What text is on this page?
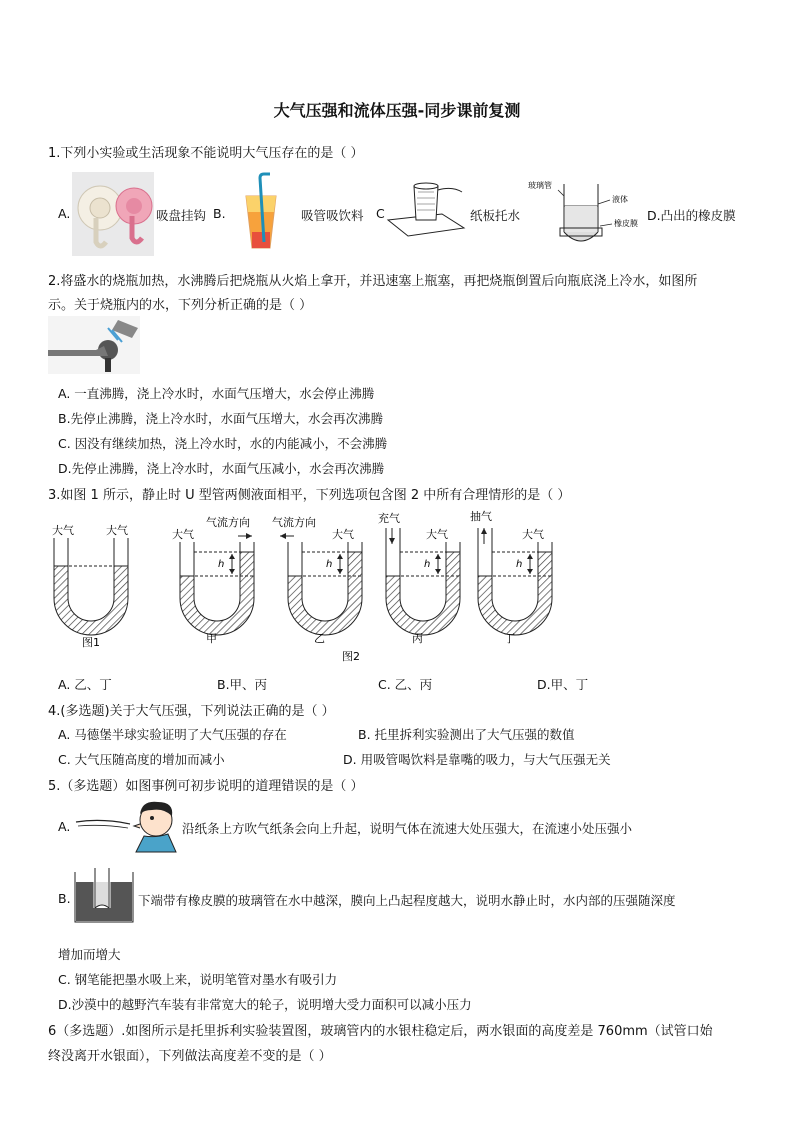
大气压强和流体压强-同步课前复测
1.下列小实验或生活现象不能说明大气压存在的是（ ）
A.	吸盘挂钩 B.	吸管吸饮料 C	纸板托水
玻璃管
液体
橡皮膜
D.凸出的橡皮膜
2.将盛水的烧瓶加热，水沸腾后把烧瓶从火焰上拿开，并迅速塞上瓶塞，再把烧瓶倒置后向瓶底浇上冷水，如图所
示。关于烧瓶内的水，下列分析正确的是（ ）
A. 一直沸腾，浇上冷水时，水面气压增大，水会停止沸腾
B.先停止沸腾，浇上冷水时，水面气压增大，水会再次沸腾
C. 因没有继续加热，浇上冷水时，水的内能减小，不会沸腾
D.先停止沸腾，浇上冷水时，水面气压减小，水会再次沸腾
3.如图 1 所示，静止时 U 型管两侧液面相平，下列选项包含图 2 中所有合理情形的是（ ）
大气	大气
图1
大气
气流方向
h
甲
气流方向
大气
h
乙
充气
大气
h
丙
抽气
大气
h
丁
图2
A. 乙、丁	B.甲、丙	C. 乙、丙	D.甲、丁
4.(多选题)关于大气压强，下列说法正确的是（ ）
A. 马德堡半球实验证明了大气压强的存在	B. 托里拆利实验测出了大气压强的数值
C. 大气压随高度的增加而减小	D. 用吸管喝饮料是靠嘴的吸力，与大气压强无关
5.（多选题）如图事例可初步说明的道理错误的是（ ）
A.	沿纸条上方吹气纸条会向上升起，说明气体在流速大处压强大，在流速小处压强小
B.	下端带有橡皮膜的玻璃管在水中越深，膜向上凸起程度越大，说明水静止时，水内部的压强随深度
增加而增大
C. 钢笔能把墨水吸上来，说明笔管对墨水有吸引力
D.沙漠中的越野汽车装有非常宽大的轮子，说明增大受力面积可以减小压力
6（多选题）.如图所示是托里拆利实验装置图，玻璃管内的水银柱稳定后，两水银面的高度差是 760mm（试管口始
终没离开水银面），下列做法高度差不变的是（ ）
